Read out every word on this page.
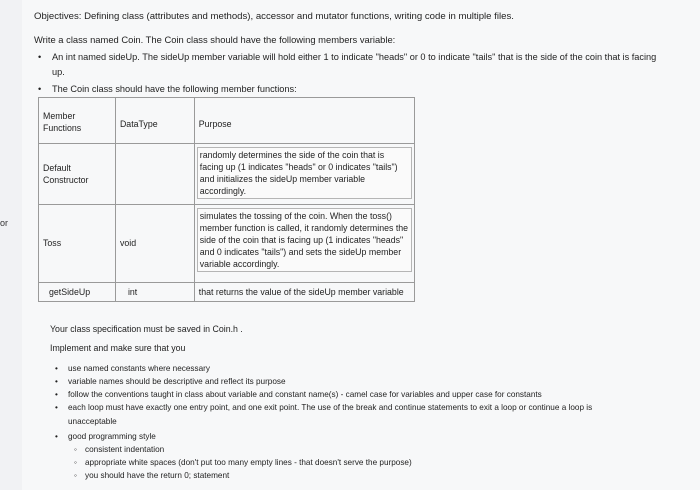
or
Objectives: Defining class (attributes and methods), accessor and mutator functions, writing code in multiple files.
Write a class named Coin. The Coin class should have the following members variable:
• An int named sideUp. The sideUp member variable will hold either 1 to indicate "heads" or 0 to indicate "tails" that is the side of the coin that is facing
up.
• The Coin class should have the following member functions:
Member Functions	DataType	Purpose

Default Constructor		randomly determines the side of the coin that is facing up (1 indicates "heads" or 0 indicates "tails") and initializes the sideUp member variable accordingly.

Toss	void	simulates the tossing of the coin. When the toss() member function is called, it randomly determines the side of the coin that is facing up (1 indicates "heads" and 0 indicates "tails") and sets the sideUp member variable accordingly.

getSideUp	int	that returns the value of the sideUp member variable
Your class specification must be saved in Coin.h .
Implement and make sure that you
• use named constants where necessary
• variable names should be descriptive and reflect its purpose
• follow the conventions taught in class about variable and constant name(s) - camel case for variables and upper case for constants
• each loop must have exactly one entry point, and one exit point. The use of the break and continue statements to exit a loop or continue a loop is
unacceptable
• good programming style
◦ consistent indentation
◦ appropriate white spaces (don't put too many empty lines - that doesn't serve the purpose)
◦ you should have the return 0; statement
